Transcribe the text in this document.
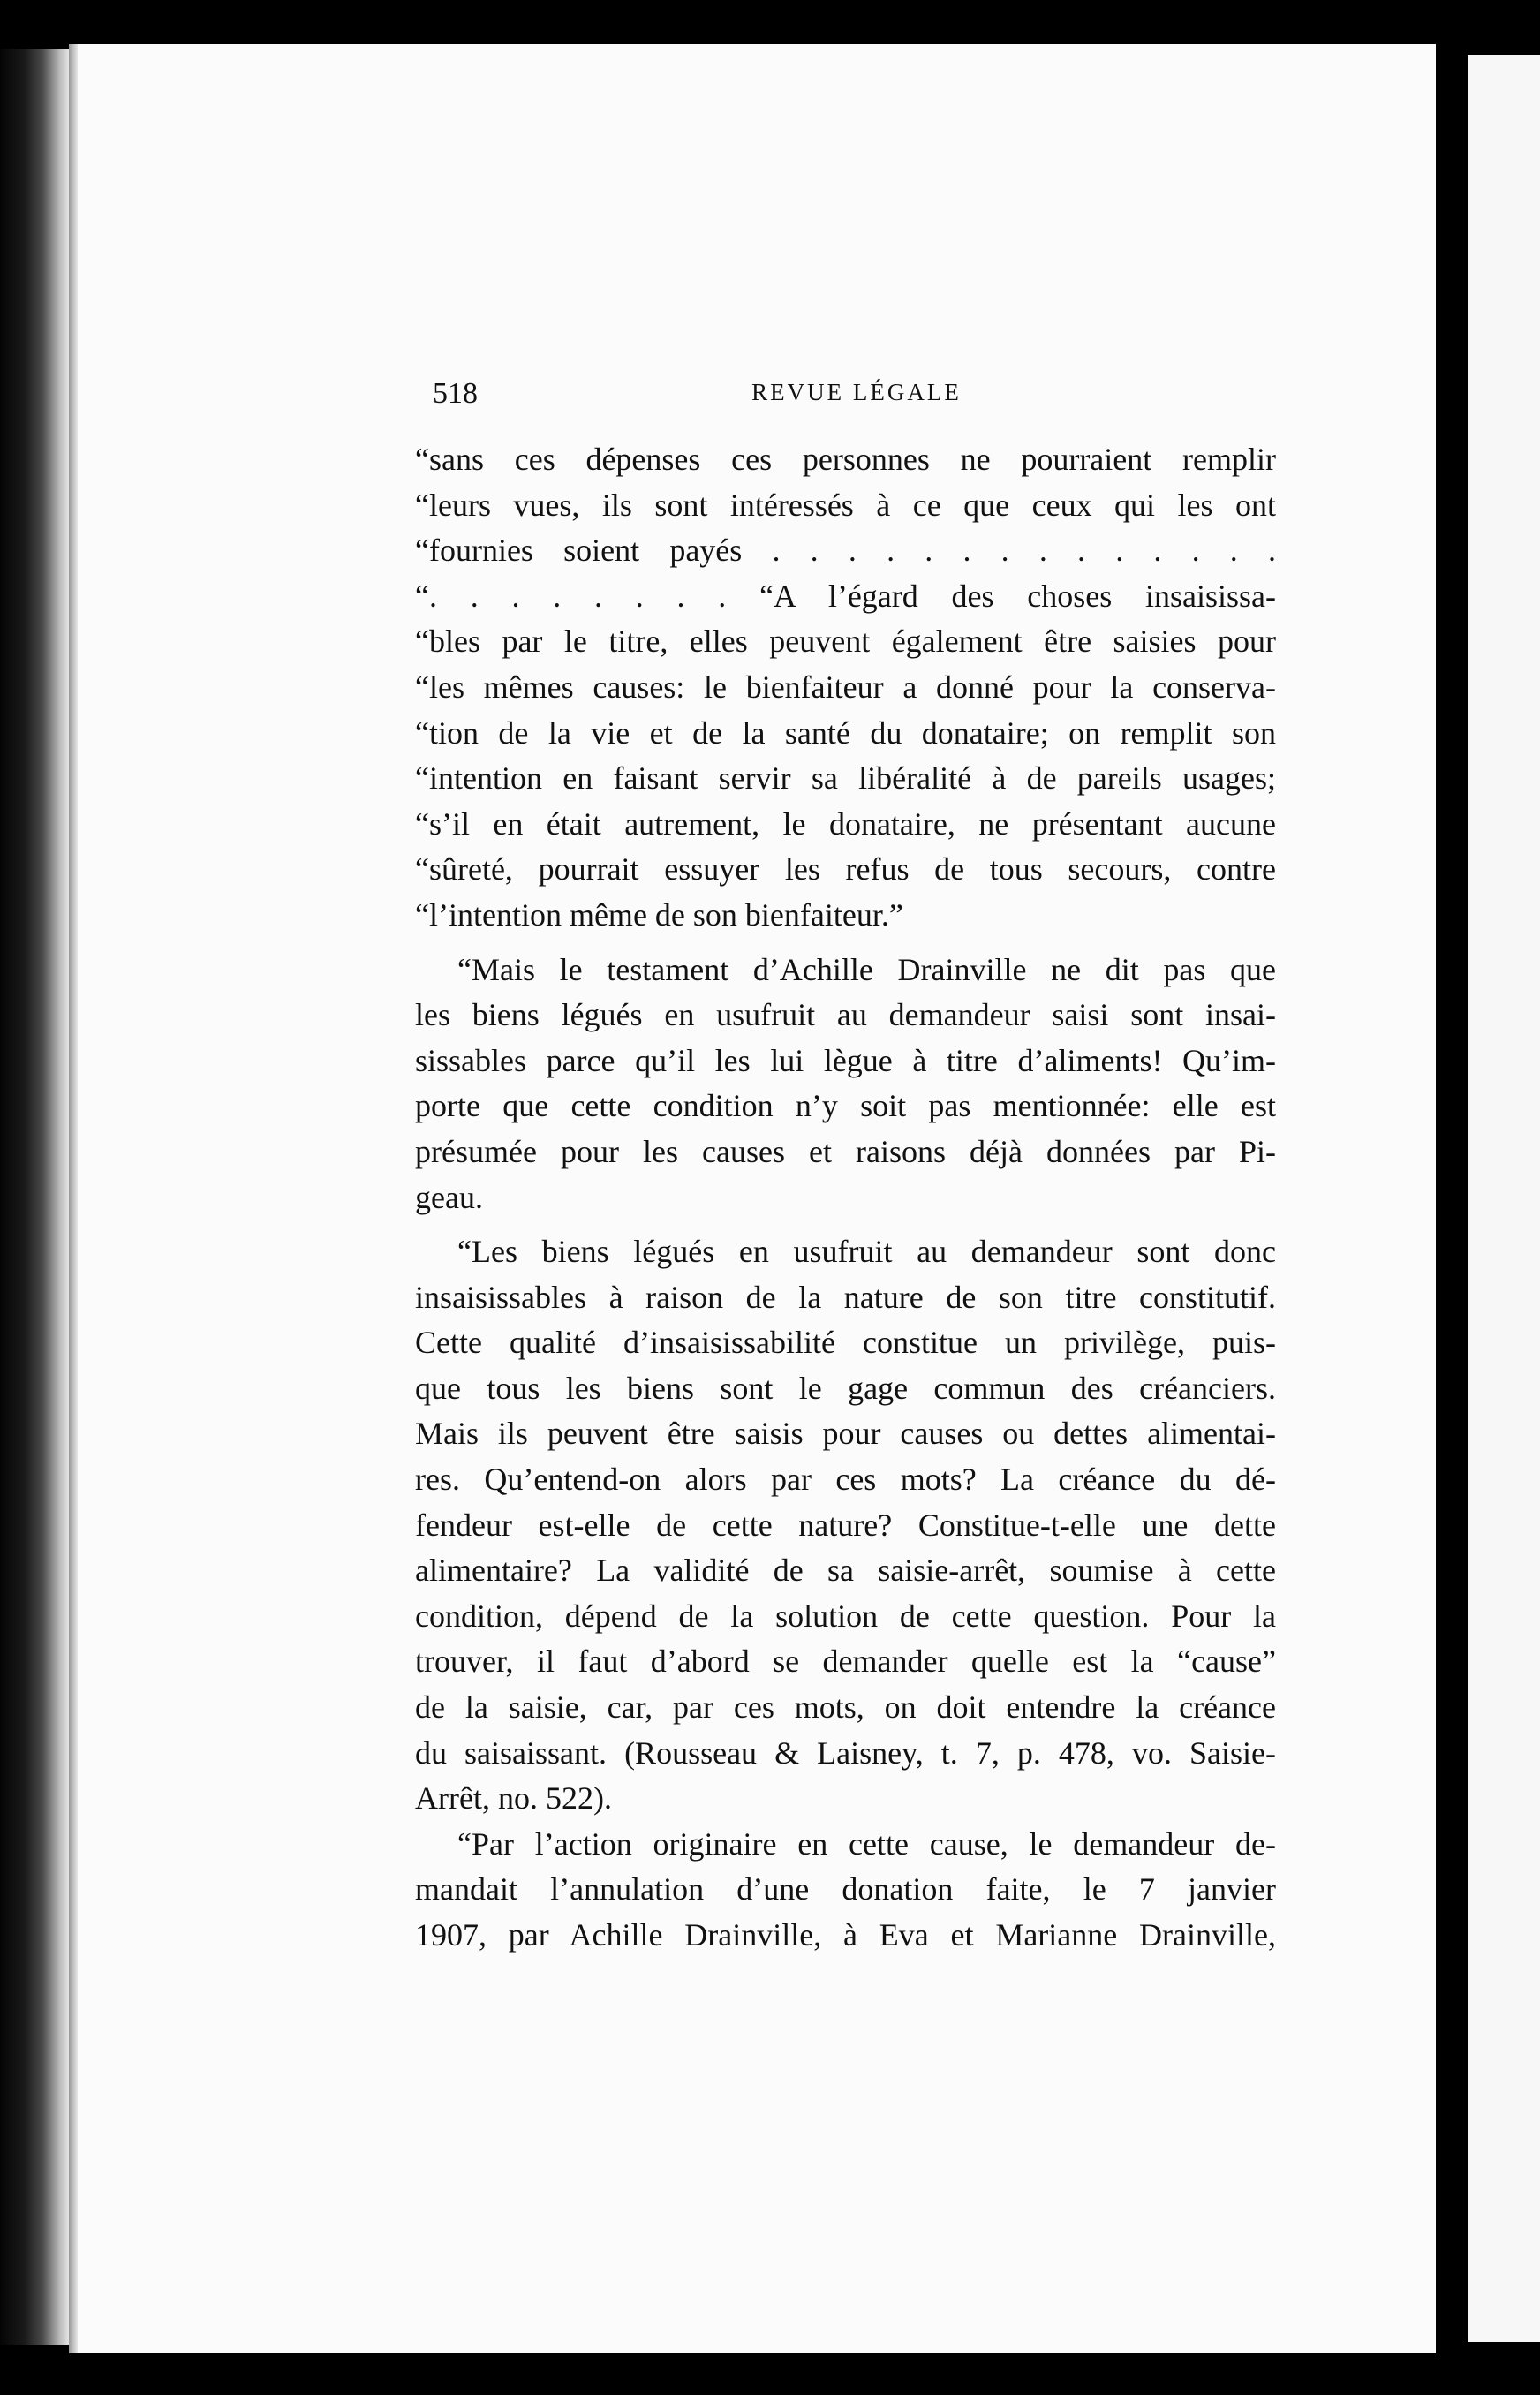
518	REVUE LÉGALE
“sans ces dépenses ces personnes ne pourraient remplir
“leurs vues, ils sont intéressés à ce que ceux qui les ont
“fournies soient payés . . . . . . . . . . . . . .
“. . . . . . . . “A l’égard des choses insaisissa-
“bles par le titre, elles peuvent également être saisies pour
“les mêmes causes: le bienfaiteur a donné pour la conserva-
“tion de la vie et de la santé du donataire; on remplit son
“intention en faisant servir sa libéralité à de pareils usages;
“s’il en était autrement, le donataire, ne présentant aucune
“sûreté, pourrait essuyer les refus de tous secours, contre
“l’intention même de son bienfaiteur.”
“Mais le testament d’Achille Drainville ne dit pas que
les biens légués en usufruit au demandeur saisi sont insai-
sissables parce qu’il les lui lègue à titre d’aliments! Qu’im-
porte que cette condition n’y soit pas mentionnée: elle est
présumée pour les causes et raisons déjà données par Pi-
geau.
“Les biens légués en usufruit au demandeur sont donc
insaisissables à raison de la nature de son titre constitutif.
Cette qualité d’insaisissabilité constitue un privilège, puis-
que tous les biens sont le gage commun des créanciers.
Mais ils peuvent être saisis pour causes ou dettes alimentai-
res. Qu’entend-on alors par ces mots? La créance du dé-
fendeur est-elle de cette nature? Constitue-t-elle une dette
alimentaire? La validité de sa saisie-arrêt, soumise à cette
condition, dépend de la solution de cette question. Pour la
trouver, il faut d’abord se demander quelle est la “cause”
de la saisie, car, par ces mots, on doit entendre la créance
du saisaissant. (Rousseau & Laisney, t. 7, p. 478, vo. Saisie-
Arrêt, no. 522).
“Par l’action originaire en cette cause, le demandeur de-
mandait l’annulation d’une donation faite, le 7 janvier
1907, par Achille Drainville, à Eva et Marianne Drainville,
